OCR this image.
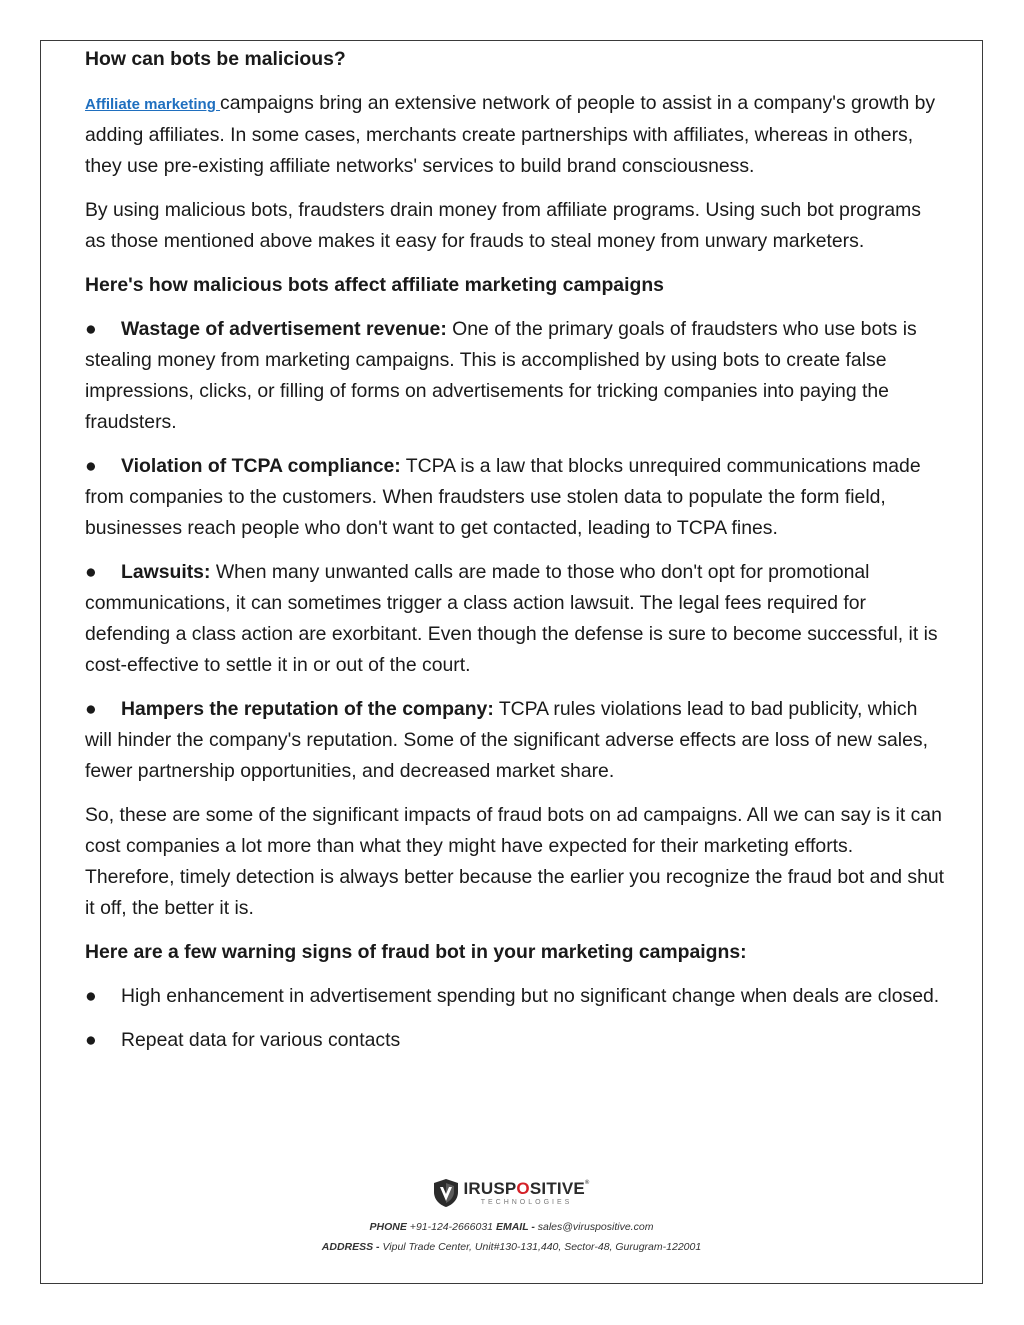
How can bots be malicious?

Affiliate marketing campaigns bring an extensive network of people to assist in a company's growth by adding affiliates. In some cases, merchants create partnerships with affiliates, whereas in others, they use pre-existing affiliate networks' services to build brand consciousness.

By using malicious bots, fraudsters drain money from affiliate programs. Using such bot programs as those mentioned above makes it easy for frauds to steal money from unwary marketers.

Here's how malicious bots affect affiliate marketing campaigns

● Wastage of advertisement revenue: One of the primary goals of fraudsters who use bots is stealing money from marketing campaigns. This is accomplished by using bots to create false impressions, clicks, or filling of forms on advertisements for tricking companies into paying the fraudsters.

● Violation of TCPA compliance: TCPA is a law that blocks unrequired communications made from companies to the customers. When fraudsters use stolen data to populate the form field, businesses reach people who don't want to get contacted, leading to TCPA fines.

● Lawsuits: When many unwanted calls are made to those who don't opt for promotional communications, it can sometimes trigger a class action lawsuit. The legal fees required for defending a class action are exorbitant. Even though the defense is sure to become successful, it is cost-effective to settle it in or out of the court.

● Hampers the reputation of the company: TCPA rules violations lead to bad publicity, which will hinder the company's reputation. Some of the significant adverse effects are loss of new sales, fewer partnership opportunities, and decreased market share.

So, these are some of the significant impacts of fraud bots on ad campaigns. All we can say is it can cost companies a lot more than what they might have expected for their marketing efforts. Therefore, timely detection is always better because the earlier you recognize the fraud bot and shut it off, the better it is.

Here are a few warning signs of fraud bot in your marketing campaigns:

● High enhancement in advertisement spending but no significant change when deals are closed.

● Repeat data for various contacts

IRUSPOSITIVE®
TECHNOLOGIES
PHONE +91-124-2666031 EMAIL - sales@viruspositive.com
ADDRESS - Vipul Trade Center, Unit#130-131,440, Sector-48, Gurugram-122001
